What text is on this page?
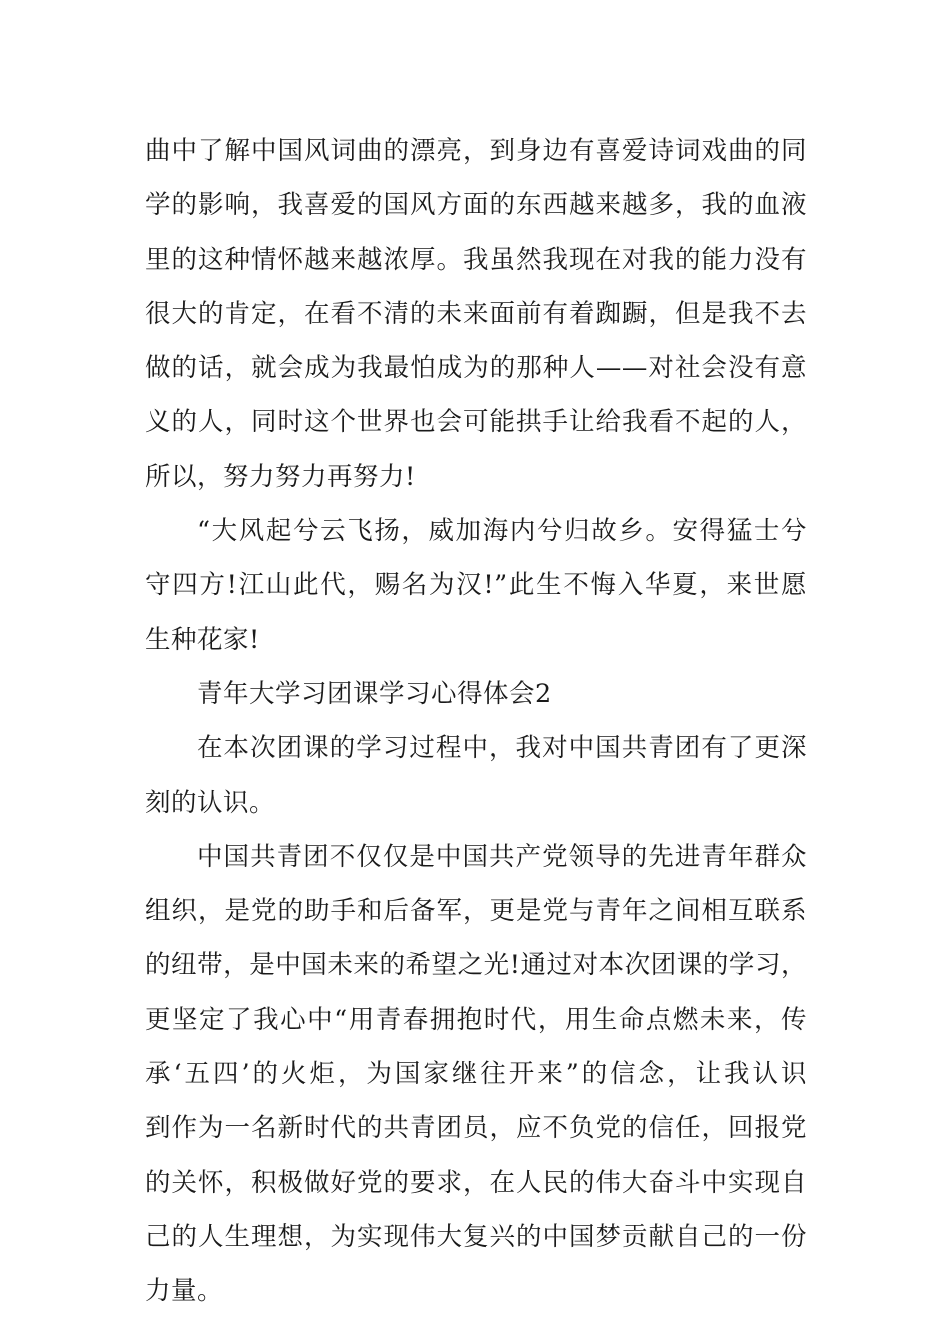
曲中了解中国风词曲的漂亮，到身边有喜爱诗词戏曲的同
学的影响，我喜爱的国风方面的东西越来越多，我的血液
里的这种情怀越来越浓厚。我虽然我现在对我的能力没有
很大的肯定，在看不清的未来面前有着踟蹰，但是我不去
做的话，就会成为我最怕成为的那种人——对社会没有意
义的人，同时这个世界也会可能拱手让给我看不起的人，
所以，努力努力再努力!
“大风起兮云飞扬，威加海内兮归故乡。安得猛士兮
守四方!江山此代，赐名为汉!”此生不悔入华夏，来世愿
生种花家!
青年大学习团课学习心得体会2
在本次团课的学习过程中，我对中国共青团有了更深
刻的认识。
中国共青团不仅仅是中国共产党领导的先进青年群众
组织，是党的助手和后备军，更是党与青年之间相互联系
的纽带，是中国未来的希望之光!通过对本次团课的学习，
更坚定了我心中“用青春拥抱时代，用生命点燃未来，传
承‘五四’的火炬，为国家继往开来”的信念，让我认识
到作为一名新时代的共青团员，应不负党的信任，回报党
的关怀，积极做好党的要求，在人民的伟大奋斗中实现自
己的人生理想，为实现伟大复兴的中国梦贡献自己的一份
力量。
